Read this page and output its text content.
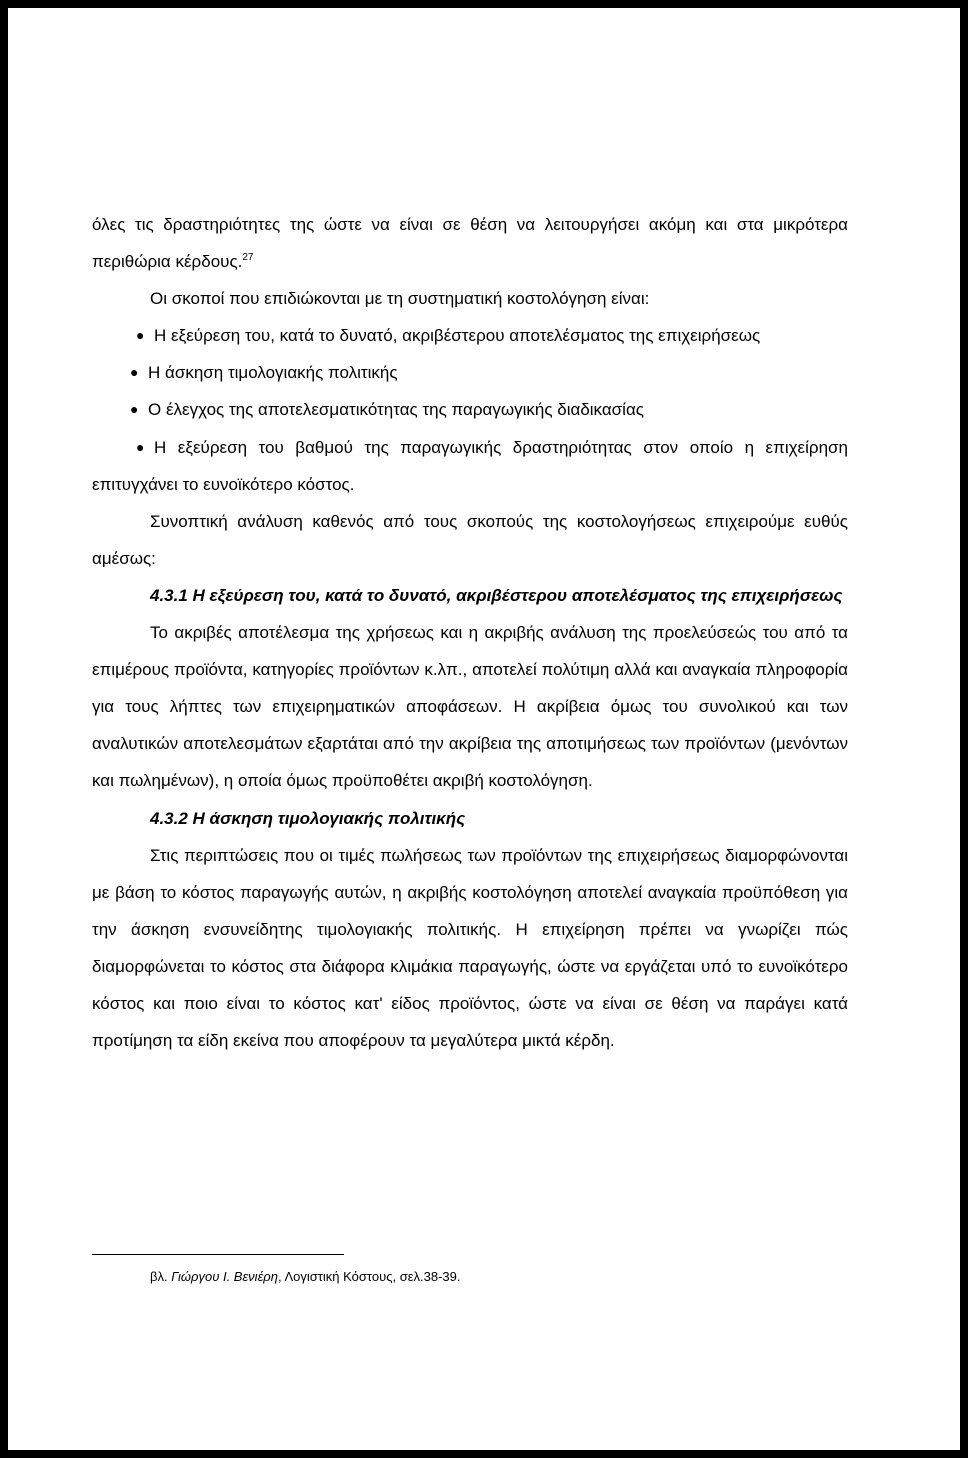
όλες τις δραστηριότητες της ώστε να είναι σε θέση να λειτουργήσει ακόμη και στα μικρότερα περιθώρια κέρδους.$^{27}$

Οι σκοποί που επιδιώκονται με τη συστηματική κοστολόγηση είναι:

● Η εξεύρεση του, κατά το δυνατό, ακριβέστερου αποτελέσματος της επιχειρήσεως

● Η άσκηση τιμολογιακής πολιτικής

● Ο έλεγχος της αποτελεσματικότητας της παραγωγικής διαδικασίας

● Η εξεύρεση του βαθμού της παραγωγικής δραστηριότητας στον οποίο η επιχείρηση επιτυγχάνει το ευνοϊκότερο κόστος.

Συνοπτική ανάλυση καθενός από τους σκοπούς της κοστολογήσεως επιχειρούμε ευθύς αμέσως:

4.3.1 Η εξεύρεση του, κατά το δυνατό, ακριβέστερου αποτελέσματος της επιχειρήσεως

Το ακριβές αποτέλεσμα της χρήσεως και η ακριβής ανάλυση της προελεύσεώς του από τα επιμέρους προϊόντα, κατηγορίες προϊόντων κ.λπ., αποτελεί πολύτιμη αλλά και αναγκαία πληροφορία για τους λήπτες των επιχειρηματικών αποφάσεων. Η ακρίβεια όμως του συνολικού και των αναλυτικών αποτελεσμάτων εξαρτάται από την ακρίβεια της αποτιμήσεως των προϊόντων (μενόντων και πωλημένων), η οποία όμως προϋποθέτει ακριβή κοστολόγηση.

4.3.2 Η άσκηση τιμολογιακής πολιτικής

Στις περιπτώσεις που οι τιμές πωλήσεως των προϊόντων της επιχειρήσεως διαμορφώνονται με βάση το κόστος παραγωγής αυτών, η ακριβής κοστολόγηση αποτελεί αναγκαία προϋπόθεση για την άσκηση ενσυνείδητης τιμολογιακής πολιτικής. Η επιχείρηση πρέπει να γνωρίζει πώς διαμορφώνεται το κόστος στα διάφορα κλιμάκια παραγωγής, ώστε να εργάζεται υπό το ευνοϊκότερο κόστος και ποιο είναι το κόστος κατ' είδος προϊόντος, ώστε να είναι σε θέση να παράγει κατά προτίμηση τα είδη εκείνα που αποφέρουν τα μεγαλύτερα μικτά κέρδη.

βλ. Γιώργου Ι. Βενιέρη, Λογιστική Κόστους, σελ.38-39.
